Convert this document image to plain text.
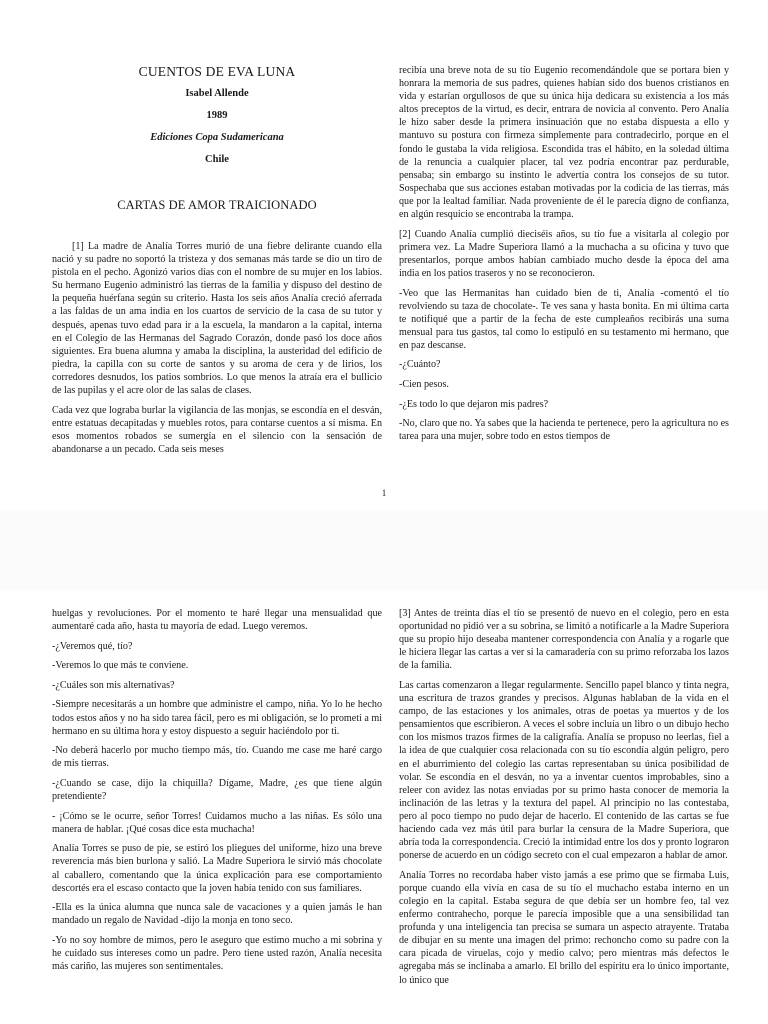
CUENTOS DE EVA LUNA

Isabel Allende

1989

Ediciones Copa Sudamericana

Chile

CARTAS DE AMOR TRAICIONADO

[1] La madre de Analía Torres murió de una fiebre delirante cuando ella nació y su padre no soportó la tristeza y dos semanas más tarde se dio un tiro de pistola en el pecho. Agonizó varios días con el nombre de su mujer en los labios. Su hermano Eugenio administró las tierras de la familia y dispuso del destino de la pequeña huérfana según su criterio. Hasta los seis años Analía creció aferrada a las faldas de un ama india en los cuartos de servicio de la casa de su tutor y después, apenas tuvo edad para ir a la escuela, la mandaron a la capital, interna en el Colegio de las Hermanas del Sagrado Corazón, donde pasó los doce años siguientes. Era buena alumna y amaba la disciplina, la austeridad del edificio de piedra, la capilla con su corte de santos y su aroma de cera y de lirios, los corredores desnudos, los patios sombríos. Lo que menos la atraía era el bullicio de las pupilas y el acre olor de las salas de clases.

Cada vez que lograba burlar la vigilancia de las monjas, se escondía en el desván, entre estatuas decapitadas y muebles rotos, para contarse cuentos a sí misma. En esos momentos robados se sumergía en el silencio con la sensación de abandonarse a un pecado. Cada seis meses

recibía una breve nota de su tío Eugenio recomendándole que se portara bien y honrara la memoria de sus padres, quienes habían sido dos buenos cristianos en vida y estarían orgullosos de que su única hija dedicara su existencia a los más altos preceptos de la virtud, es decir, entrara de novicia al convento. Pero Analía le hizo saber desde la primera insinuación que no estaba dispuesta a ello y mantuvo su postura con firmeza simplemente para contradecirlo, porque en el fondo le gustaba la vida religiosa. Escondida tras el hábito, en la soledad última de la renuncia a cualquier placer, tal vez podría encontrar paz perdurable, pensaba; sin embargo su instinto le advertía contra los consejos de su tutor. Sospechaba que sus acciones estaban motivadas por la codicia de las tierras, más que por la lealtad familiar. Nada proveniente de él le parecía digno de confianza, en algún resquicio se encontraba la trampa.

[2] Cuando Analía cumplió dieciséis años, su tío fue a visitarla al colegio por primera vez. La Madre Superiora llamó a la muchacha a su oficina y tuvo que presentarlos, porque ambos habían cambiado mucho desde la época del ama india en los patios traseros y no se reconocieron.

-Veo que las Hermanitas han cuidado bien de ti, Analía -comentó el tío revolviendo su taza de chocolate-. Te ves sana y hasta bonita. En mi última carta te notifiqué que a partir de la fecha de este cumpleaños recibirás una suma mensual para tus gastos, tal como lo estipuló en su testamento mi hermano, que en paz descanse.

-¿Cuánto?

-Cien pesos.

-¿Es todo lo que dejaron mis padres?

-No, claro que no. Ya sabes que la hacienda te pertenece, pero la agricultura no es tarea para una mujer, sobre todo en estos tiempos de

1

huelgas y revoluciones. Por el momento te haré llegar una mensualidad que aumentaré cada año, hasta tu mayoría de edad. Luego veremos.

-¿Veremos qué, tío?

-Veremos lo que más te conviene.

-¿Cuáles son mis alternativas?

-Siempre necesitarás a un hombre que administre el campo, niña. Yo lo he hecho todos estos años y no ha sido tarea fácil, pero es mi obligación, se lo prometí a mi hermano en su última hora y estoy dispuesto a seguir haciéndolo por ti.

-No deberá hacerlo por mucho tiempo más, tío. Cuando me case me haré cargo de mis tierras.

-¿Cuando se case, dijo la chiquilla? Dígame, Madre, ¿es que tiene algún pretendiente?

- ¡Cómo se le ocurre, señor Torres! Cuidamos mucho a las niñas. Es sólo una manera de hablar. ¡Qué cosas dice esta muchacha!

Analía Torres se puso de pie, se estiró los pliegues del uniforme, hizo una breve reverencia más bien burlona y salió. La Madre Superiora le sirvió más chocolate al caballero, comentando que la única explicación para ese comportamiento descortés era el escaso contacto que la joven había tenido con sus familiares.

-Ella es la única alumna que nunca sale de vacaciones y a quien jamás le han mandado un regalo de Navidad -dijo la monja en tono seco.

-Yo no soy hombre de mimos, pero le aseguro que estimo mucho a mi sobrina y he cuidado sus intereses como un padre. Pero tiene usted razón, Analía necesita más cariño, las mujeres son sentimentales.

[3] Antes de treinta días el tío se presentó de nuevo en el colegio, pero en esta oportunidad no pidió ver a su sobrina, se limitó a notificarle a la Madre Superiora que su propio hijo deseaba mantener correspondencia con Analía y a rogarle que le hiciera llegar las cartas a ver si la camaradería con su primo reforzaba los lazos de la familia.

Las cartas comenzaron a llegar regularmente. Sencillo papel blanco y tinta negra, una escritura de trazos grandes y precisos. Algunas hablaban de la vida en el campo, de las estaciones y los animales, otras de poetas ya muertos y de los pensamientos que escribieron. A veces el sobre incluía un libro o un dibujo hecho con los mismos trazos firmes de la caligrafía. Analía se propuso no leerlas, fiel a la idea de que cualquier cosa relacionada con su tío escondía algún peligro, pero en el aburrimiento del colegio las cartas representaban su única posibilidad de volar. Se escondía en el desván, no ya a inventar cuentos improbables, sino a releer con avidez las notas enviadas por su primo hasta conocer de memoria la inclinación de las letras y la textura del papel. Al principio no las contestaba, pero al poco tiempo no pudo dejar de hacerlo. El contenido de las cartas se fue haciendo cada vez más útil para burlar la censura de la Madre Superiora, que abría toda la correspondencia. Creció la intimidad entre los dos y pronto lograron ponerse de acuerdo en un código secreto con el cual empezaron a hablar de amor.

Analía Torres no recordaba haber visto jamás a ese primo que se firmaba Luis, porque cuando ella vivía en casa de su tío el muchacho estaba interno en un colegio en la capital. Estaba segura de que debía ser un hombre feo, tal vez enfermo contrahecho, porque le parecía imposible que a una sensibilidad tan profunda y una inteligencia tan precisa se sumara un aspecto atrayente. Trataba de dibujar en su mente una imagen del primo: rechoncho como su padre con la cara picada de viruelas, cojo y medio calvo; pero mientras más defectos le agregaba más se inclinaba a amarlo. El brillo del espíritu era lo único importante, lo único que
